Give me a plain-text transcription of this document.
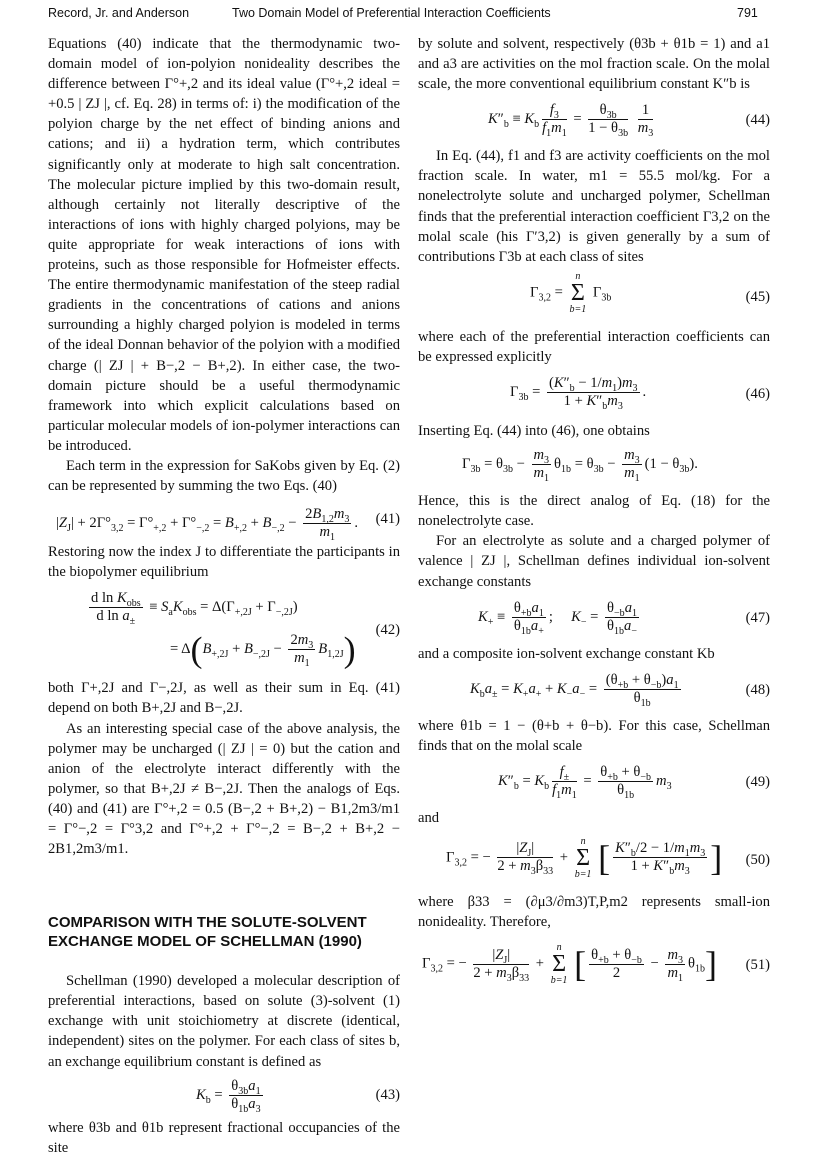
Record, Jr. and Anderson	Two Domain Model of Preferential Interaction Coefficients	791

Equations (40) indicate that the thermodynamic two-domain model of ion-polyion nonideality describes the difference between Γ°+,2 and its ideal value (Γ°+,2 ideal = +0.5 | ZJ |, cf. Eq. 28) in terms of: i) the modification of the polyion charge by the net effect of binding anions and cations; and ii) a hydration term, which contributes significantly only at moderate to high salt concentration. The molecular picture implied by this two-domain result, although certainly not literally descriptive of the interactions of ions with highly charged polyions, may be quite appropriate for weak interactions of ions with proteins, such as those responsible for Hofmeister effects. The entire thermodynamic manifestation of the steep radial gradients in the concentrations of cations and anions surrounding a highly charged polyion is modeled in terms of the ideal Donnan behavior of the polyion with a modified charge (| ZJ | + B−,2 − B+,2). In either case, the two-domain picture should be a useful thermodynamic framework into which explicit calculations based on particular molecular models of ion-polymer interactions can be introduced.

Each term in the expression for SaKobs given by Eq. (2) can be represented by summing the two Eqs. (40)

$|Z_J| + 2\Gamma^\circ_{3,2} = \Gamma^\circ_{+,2} + \Gamma^\circ_{-,2} = B_{+,2} + B_{-,2} - \frac{2B_{1,2}m_3}{m_1}$ . (41)

Restoring now the index J to differentiate the participants in the biopolymer equilibrium

d $\ln K_{obs}$
d $\ln a_\pm$
≡ $S_aK_{obs} = \Delta(\Gamma_{+,2J} + \Gamma_{-,2J})$
= $\Delta(B_{+,2J} + B_{-,2J} - \frac{2m_3}{m_1} B_{1,2J})$ (42)

both Γ+,2J and Γ−,2J, as well as their sum in Eq. (41) depend on both B+,2J and B−,2J.

As an interesting special case of the above analysis, the polymer may be uncharged (| ZJ | = 0) but the cation and anion of the electrolyte interact differently with the polymer, so that B+,2J ≠ B−,2J. Then the analogs of Eqs. (40) and (41) are Γ°+,2 = 0.5 (B−,2 + B+,2) − B1,2m3/m1 = Γ°−,2 = Γ°3,2 and Γ°+,2 + Γ°−,2 = B−,2 + B+,2 − 2B1,2m3/m1.

COMPARISON WITH THE SOLUTE-SOLVENT EXCHANGE MODEL OF SCHELLMAN (1990)

Schellman (1990) developed a molecular description of preferential interactions, based on solute (3)-solvent (1) exchange with unit stoichiometry at discrete (identical, independent) sites on the polymer. For each class of sites b, an exchange equilibrium constant is defined as

$K_b = \frac{\theta_{3b}a_1}{\theta_{1b}a_3}$	(43)

where θ3b and θ1b represent fractional occupancies of the site

by solute and solvent, respectively (θ3b + θ1b = 1) and a1 and a3 are activities on the mol fraction scale. On the molal scale, the more conventional equilibrium constant K″b is

$K''_b \equiv K_b \frac{f_3}{f_1m_1} = \frac{\theta_{3b}}{1 - \theta_{3b}}$
$\frac{1}{m_3}$	(44)

In Eq. (44), f1 and f3 are activity coefficients on the mol fraction scale. In water, m1 = 55.5 mol/kg. For a nonelectrolyte solute and uncharged polymer, Schellman finds that the preferential interaction coefficient Γ3,2 on the molal scale (his Γ′3,2) is given generally by a sum of contributions Γ3b at each class of sites

$\Gamma_{3,2}$ =
n
Σ
b=1
$\Gamma_{3b}$	(45)

where each of the preferential interaction coefficients can be expressed explicitly

$\Gamma_{3b} = \frac{(K''_b - 1/m_1)m_3}{1 + K''_bm_3}$ .	(46)

Inserting Eq. (44) into (46), one obtains

$\Gamma_{3b} = \theta_{3b} - \frac{m_3}{m_1} \theta_{1b} = \theta_{3b} - \frac{m_3}{m_1} (1 - \theta_{3b})$.

Hence, this is the direct analog of Eq. (18) for the nonelectrolyte case.

For an electrolyte as solute and a charged polymer of valence | ZJ |, Schellman defines individual ion-solvent exchange constants

$K_+ \equiv \frac{\theta_{+b}a_1}{\theta_{1b}a_+}$ ;     $K_- = \frac{\theta_{-b}a_1}{\theta_{1b}a_-}$	(47)

and a composite ion-solvent exchange constant Kb

$K_ba_\pm = K_+a_+ + K_-a_- = \frac{(\theta_{+b} + \theta_{-b})a_1}{\theta_{1b}}$	(48)

where θ1b = 1 − (θ+b + θ−b). For this case, Schellman finds that on the molal scale

$K''_b = K_b \frac{f_\pm}{f_1m_1} = \frac{\theta_{+b} + \theta_{-b}}{\theta_{1b}} m_3$	(49)

and

$\Gamma_{3,2}$ = − $\frac{|Z_J|}{2 + m_3\beta_{33}}$ +
n
Σ
b=1 [ $\frac{K''_b/2 - 1/m_1m_3}{1 + K''_bm_3}$ ] (50)

where β33 = (∂μ3/∂m3)T,P,m2 represents small-ion nonideality. Therefore,

$\Gamma_{3,2}$ = − $\frac{|Z_J|}{2 + m_3\beta_{33}}$ +
n
Σ
b=1 [ $\frac{\theta_{+b} + \theta_{-b}}{2} - \frac{m_3}{m_1} \theta_{1b}$] (51)
